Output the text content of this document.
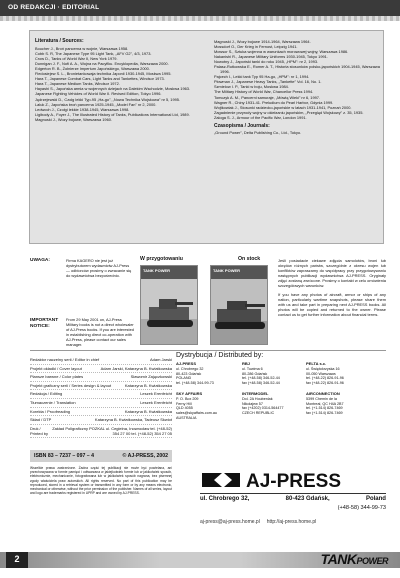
OD REDAKCJI · EDITORIAL
Literatura / Sources:
Boucher J., Broń pancerna w wojnie, Warszawa 1958.
Cobb S. R, The Japanese Type 95 Light Tank, „AFV G2", 4/3, 1973.
Crow D., Tanks of World War II, New York 1979.
Dunnigan J. F., Nofi A. A., Wojna na Pacyfiku. Encyklopedia, Warszawa 2000.
Edgerton R. B., Żołnierze Imperium Japońskiego, Warszawa 2000.
Fiedosiejew S. L., Bronietankowaja technika Japonii 1930-1945, Moskwa 1995.
Hara T., Japanese Combat Cars, Light Tanks and Tankettes, Windsor 1973.
Hara T., Japanese Medium Tanks, Windsor 1972.
Hayashi S., Japońska armia w wojennych dziejach na Dalekim Wschodzie, Moskwa 1963.
Japanese Fighting Vehicles of World War II. Revised Edition, Tokyo 1996.
Jędrzejewski D., Czołg lekki Typ-95 „Ha-go", „Nowa Technika Wojskowa" nr 5, 1995.
Laluk Z., Japońska broń pancerna 1925-1945, „Model Fan" nr 2, 2000.
Ledwoch J., Czołgi lekkie 1938-1945, Warszawa 1998.
Ligibody A., Foyer J., The Illustrated History of Tanks, Publications International Ltd, 1989.
Magnuski J., Wozy bojowe, Warszawa 1960.
Magnuski J., Wozy bojowe 1914-1964, Warszawa 1964.
Mossdorf O., Der Krieg in Fernost, Leipzig 1941.
Mowsor S., Sztuka wojenna w warunkach morowowej wojny, Warszawa 1986.
Nakanishi R., Japanese Military Uniforms 1930-1945, Tokyo 1991.
Nowotny J., Japoński tanki do roku 1945, „HPM": nr 2, 1993.
Palasz-Rutkowska E., Romer A. T., Historia stosunków polsko-japońskich 1904-1945, Warszawa 1996.
Pajcech I., Lekki tank Typ 95 Ha-go, „HPM": nr 1, 1994.
Płowman J., Japanese Heavy Tanks, „Tankette" Vol. 16, No. 1.
Szmielow I. P., Tanki w boju, Moskwa 1984.
The Military History of World War, Chancellor Press 1994.
Tomczyk A. M., Pancerni samuraje, „Mówią Wieki" nr 6, 1997.
Wagner R., Chiny 1931-41. Preludium do Pearl Harbor, Gdynia 1999.
Wojtkowiak J., Stosunki radziecko-japońskie w latach 1931-1941, Poznań 2000.
Zagadnienie przyrody wojny w okiełzaniu japońskim, „Przegląd Wojskowy" z. 35, 1935.
Zaloga S. J., Armour of the Pacific War, London 1991.
Czasopisma / Journals:
„Ground Power", Delta Publishing Co., Ltd., Tokyo.
UWAGA:
IMPORTANT NOTICE:
Firma KAGERO nie jest już dystrybutorem wydawnictw AJ-Press — odbiorców prosimy o zwracanie się do wydawnictwa bezpośrednio.
From 29 May 2001 on, AJ-Press Military books is not a direct wholesaler of AJ-Press books. If you are interested in establishing direct co-operation with AJ-Press, please contact our sales manager.
W przygotowaniu	On stock
TANK POWER	TANK POWER

Jeśli posiadacie ciekawe zdjęcia samolotów, broni lub okrętów różnych państw, szczególnie z okresu wojen lub konfliktów zapraszamy do współpracy przy przygotowywaniu następnych publikacji wydawnictwa AJ-PRESS. Oryginały zdjęć zostaną zwrócone. Prosimy o kontakt w celu omówienia szczegółowych warunków.

If you have any photos of aircraft, armor or ships of any nation, particularly wartime snapshots, please share them with us and take part in preparing next AJ-PRESS books. All photos will be copied and returned to the owner. Please contact us to get further information about financial terms.

Redaktor naczelny serii / Editor in chief	Adam Jarski
Projekt okładki / Cover layout	Adam Jarski, Katarzyna B. Kwiatkowska
Plansze barwne / Color plates	Sławomir Zajączkowski
Projekt graficzny serii / Series design & layout	Katarzyna B. Kwiatkowska
Redakcja / Editing	Leszek Erenfeicht
Tłumaczenie / Translation	Leszek Erenfeicht
Korekta / Proofreading	Katarzyna B. Kwiatkowska
Skład / DTP	Katarzyna B. Kwiatkowska, Tadeusz Skwiot
Druk / Printed by
Zakład Poligraficzny POZKAL ul. Cegielna, Inowrocław tel. (+48-52) 354 27 00 tel. (+48-52) 354 27 05
Dystrybucja / Distributed by:
AJ-PRESS
ul. Chrobrego 32
80-423 Gdańsk
POLAND
tel. (+48-58) 344-99-73
RBJ
ul. Tuwima 6
80-286 Gdańsk
tel. (+48-58) 346-52-44
fax (+48-58) 346-52-44
PELTA s.c.
ul. Świętokrzyska 16
00-050 Warszawa
tel. (+48-22) 826-91-96
fax (+48-22) 826-91-96
SKY AFFAIRS
P. O. Box 209
Ferny Hill
QLD 4055
sales@skyaffairs.com.au
AUSTRALIA
INTERMODEL
Dol. 2A Houbenlak
Nikolajew 57
fax (+4202) 0314-564477
CZECH REPUBLIC
AIRCONNECTION
5399 Chemin de la
Montreal, QC H4A 2B7
tel. (+1-514) 826-7469
fax (+1-514) 826-7469
ISBN 83 – 7237 – 097 – 4	© AJ-PRESS, 2002
Wszelkie prawa zastrzeżone. Żadna część tej publikacji nie może być powielana, ani przechowywana w formie pamięci i odtwarzana w jakiejkolwiek formie lub w jakikolwiek sposób, elektronicznie, mechanicznie, fotografowana lub w jakikolwiek sposób nagrana, bez pisemnej zgody właściciela praw autorskich. All rights reserved. No part of this publication may be reproduced, stored in a retrieval system or transmitted in any form or by any means electronic, mechanical or otherwise, without the prior permission of the publisher. Names of all series, layout and logo are trademarks registered in UPRP and are owned by AJ-PRESS.
AJ-PRESS
ul. Chrobrego 32,	80-423 Gdańsk,	Poland
(+48-58) 344-99-73
aj-press@aj-press.home.pl http://aj-press.home.pl
2	TANKPOWER
